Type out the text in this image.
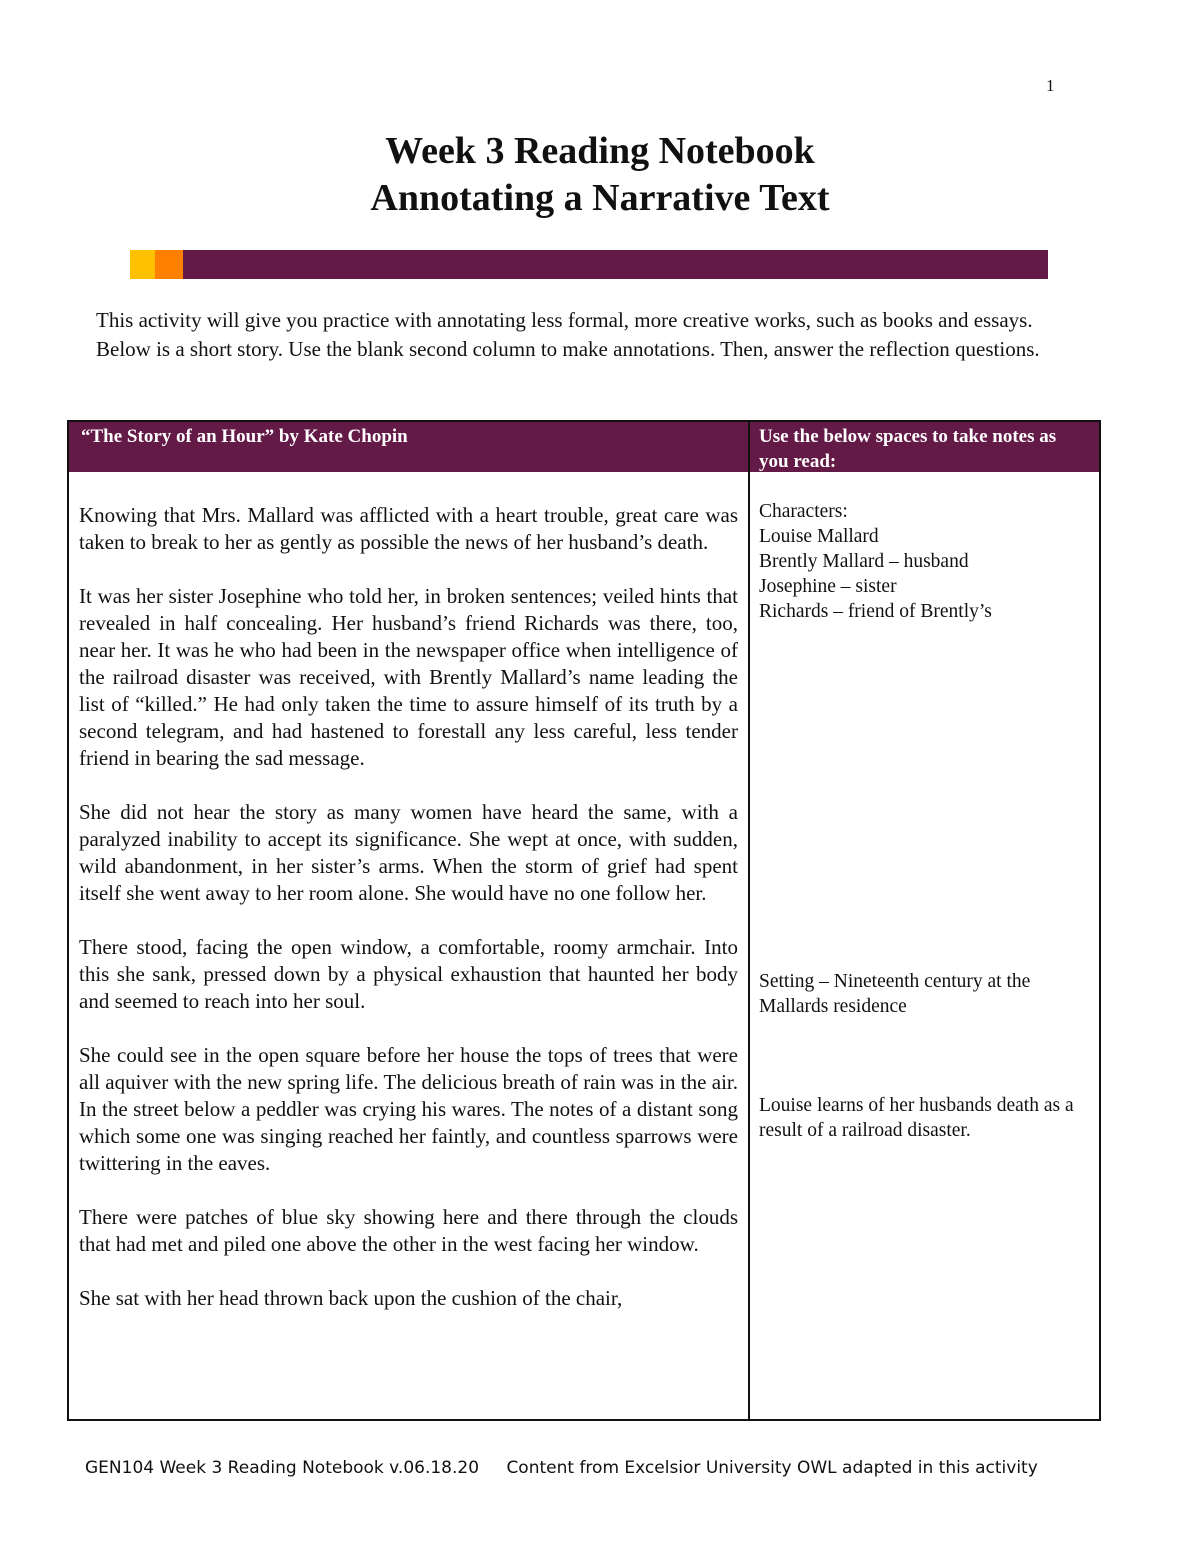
1
Week 3 Reading Notebook
Annotating a Narrative Text
This activity will give you practice with annotating less formal, more creative works, such as books and essays. Below is a short story. Use the blank second column to make annotations. Then, answer the reflection questions.
“The Story of an Hour” by Kate Chopin	Use the below spaces to take notes as you read:

Knowing that Mrs. Mallard was afflicted with a heart trouble, great care was taken to break to her as gently as possible the news of her husband’s death.

It was her sister Josephine who told her, in broken sentences; veiled hints that revealed in half concealing. Her husband’s friend Richards was there, too, near her. It was he who had been in the newspaper office when intelligence of the railroad disaster was received, with Brently Mallard’s name leading the list of “killed.” He had only taken the time to assure himself of its truth by a second telegram, and had hastened to forestall any less careful, less tender friend in bearing the sad message.

She did not hear the story as many women have heard the same, with a paralyzed inability to accept its significance. She wept at once, with sudden, wild abandonment, in her sister’s arms. When the storm of grief had spent itself she went away to her room alone. She would have no one follow her.

There stood, facing the open window, a comfortable, roomy armchair. Into this she sank, pressed down by a physical exhaustion that haunted her body and seemed to reach into her soul.

She could see in the open square before her house the tops of trees that were all aquiver with the new spring life. The delicious breath of rain was in the air. In the street below a peddler was crying his wares. The notes of a distant song which some one was singing reached her faintly, and countless sparrows were twittering in the eaves.

There were patches of blue sky showing here and there through the clouds that had met and piled one above the other in the west facing her window.

She sat with her head thrown back upon the cushion of the chair,

Characters:
Louise Mallard
Brently Mallard – husband
Josephine – sister
Richards – friend of Brently’s
Setting – Nineteenth century at the Mallards residence
Louise learns of her husbands death as a result of a railroad disaster.
GEN104 Week 3 Reading Notebook v.06.18.20 Content from Excelsior University OWL adapted in this activity
